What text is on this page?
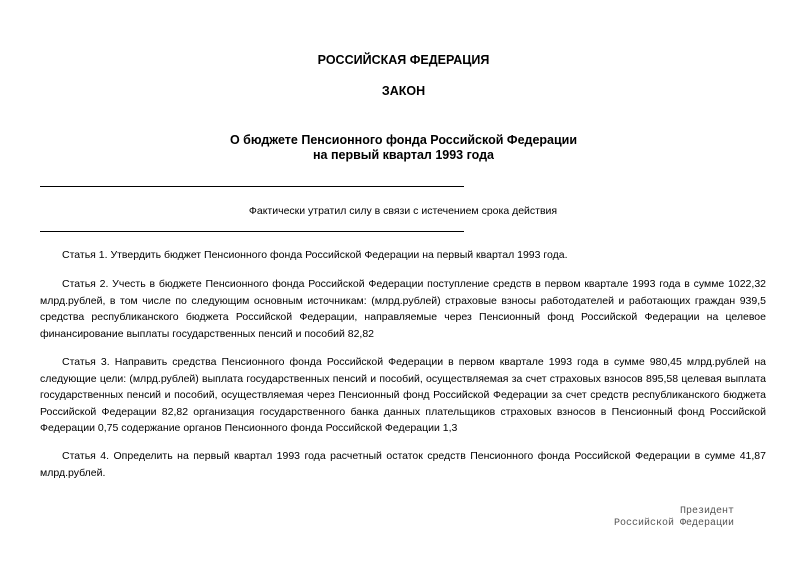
РОССИЙСКАЯ ФЕДЕРАЦИЯ
ЗАКОН
О бюджете Пенсионного фонда Российской Федерации
на первый квартал 1993 года
Фактически утратил силу в связи с истечением срока действия

Статья 1. Утвердить бюджет Пенсионного фонда Российской Федерации на первый квартал 1993 года.

Статья 2. Учесть в бюджете Пенсионного фонда Российской Федерации поступление средств в первом квартале 1993 года в сумме 1022,32 млрд.рублей, в том числе по следующим основным источникам: (млрд.рублей) страховые взносы работодателей и работающих граждан 939,5 средства республиканского бюджета Российской Федерации, направляемые через Пенсионный фонд Российской Федерации на целевое финансирование выплаты государственных пенсий и пособий 82,82

Статья 3. Направить средства Пенсионного фонда Российской Федерации в первом квартале 1993 года в сумме 980,45 млрд.рублей на следующие цели: (млрд.рублей) выплата государственных пенсий и пособий, осуществляемая за счет страховых взносов 895,58 целевая выплата государственных пенсий и пособий, осуществляемая через Пенсионный фонд Российской Федерации за счет средств республиканского бюджета Российской Федерации 82,82 организация государственного банка данных плательщиков страховых взносов в Пенсионный фонд Российской Федерации 0,75 содержание органов Пенсионного фонда Российской Федерации 1,3

Статья 4. Определить на первый квартал 1993 года расчетный остаток средств Пенсионного фонда Российской Федерации в сумме 41,87 млрд.рублей.

Президент
Российской Федерации
